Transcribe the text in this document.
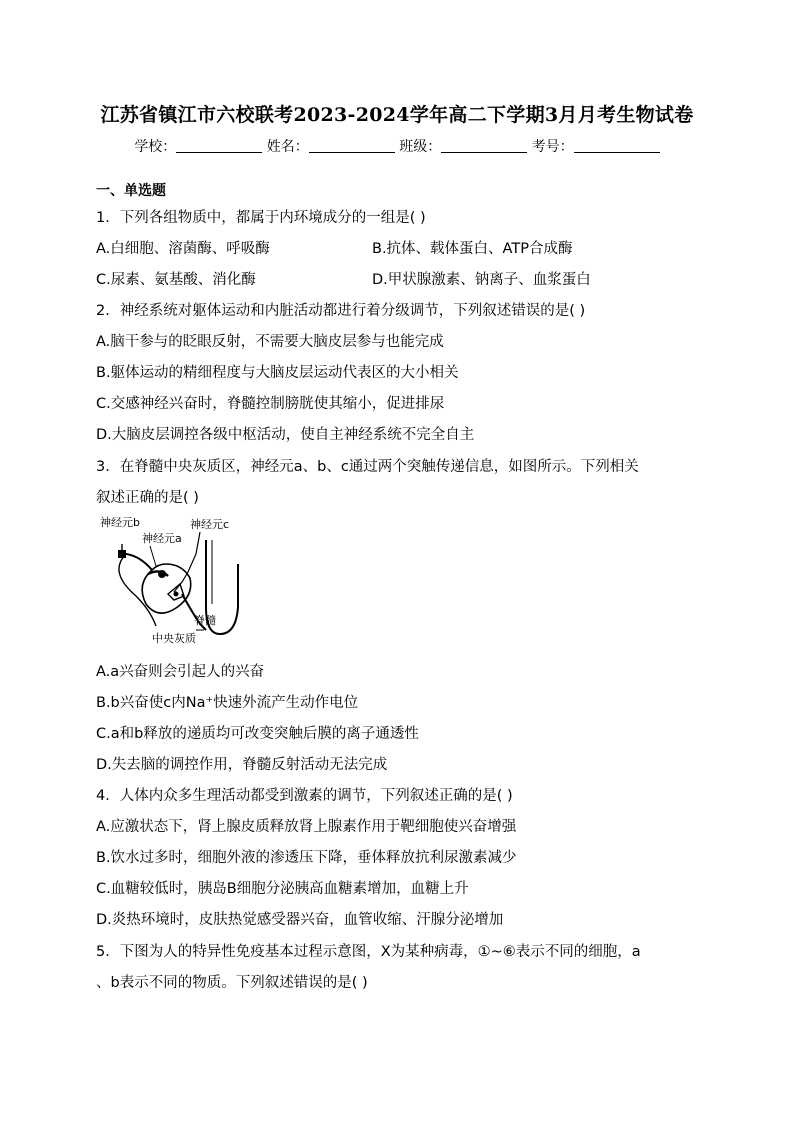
江苏省镇江市六校联考2023-2024学年高二下学期3月月考生物试卷
学校：	姓名：	班级：	考号：
一、单选题
1．下列各组物质中，都属于内环境成分的一组是( )
A.白细胞、溶菌酶、呼吸酶	B.抗体、载体蛋白、ATP合成酶
C.尿素、氨基酸、消化酶	D.甲状腺激素、钠离子、血浆蛋白
2．神经系统对躯体运动和内脏活动都进行着分级调节，下列叙述错误的是( )
A.脑干参与的眨眼反射，不需要大脑皮层参与也能完成
B.躯体运动的精细程度与大脑皮层运动代表区的大小相关
C.交感神经兴奋时，脊髓控制膀胱使其缩小，促进排尿
D.大脑皮层调控各级中枢活动，使自主神经系统不完全自主
3．在脊髓中央灰质区，神经元a、b、c通过两个突触传递信息，如图所示。下列相关
叙述正确的是( )
神经元b
神经元a
神经元c
脊髓
中央灰质
A.a兴奋则会引起人的兴奋
B.b兴奋使c内Na⁺快速外流产生动作电位
C.a和b释放的递质均可改变突触后膜的离子通透性
D.失去脑的调控作用，脊髓反射活动无法完成
4．人体内众多生理活动都受到激素的调节，下列叙述正确的是( )
A.应激状态下，肾上腺皮质释放肾上腺素作用于靶细胞使兴奋增强
B.饮水过多时，细胞外液的渗透压下降，垂体释放抗利尿激素减少
C.血糖较低时，胰岛B细胞分泌胰高血糖素增加，血糖上升
D.炎热环境时，皮肤热觉感受器兴奋，血管收缩、汗腺分泌增加
5．下图为人的特异性免疫基本过程示意图，X为某种病毒，①~⑥表示不同的细胞，a
、b表示不同的物质。下列叙述错误的是( )
